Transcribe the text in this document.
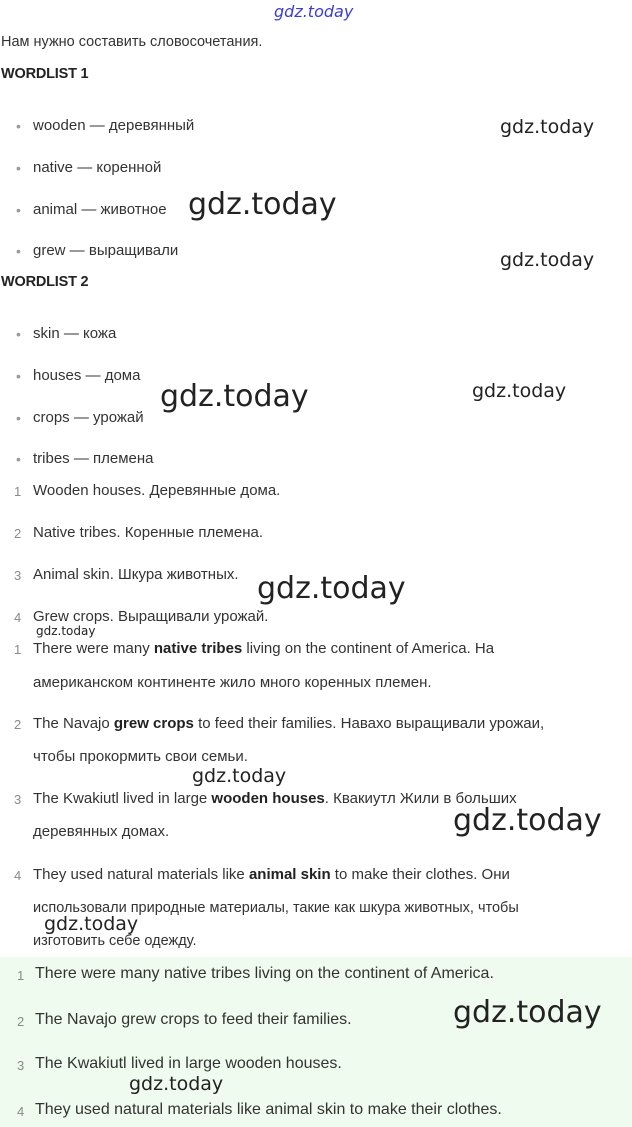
gdz.today
Нам нужно составить словосочетания.
WORDLIST 1
• wooden — деревянный
• native — коренной
• animal — животное
• grew — выращивали
WORDLIST 2
• skin — кожа
• houses — дома
• crops — урожай
• tribes — племена
1 Wooden houses. Деревянные дома.
2 Native tribes. Коренные племена.
3 Animal skin. Шкура животных.
4 Grew crops. Выращивали урожай.
1 There were many native tribes living on the continent of America. На
американском континенте жило много коренных племен.
2 The Navajo grew crops to feed their families. Навахо выращивали урожаи,
чтобы прокормить свои семьи.
3 The Kwakiutl lived in large wooden houses. Квакиутл Жили в больших
деревянных домах.
4 They used natural materials like animal skin to make their clothes. Они
использовали природные материалы, такие как шкура животных, чтобы
изготовить себе одежду.
1 There were many native tribes living on the continent of America.
2 The Navajo grew crops to feed their families.
3 The Kwakiutl lived in large wooden houses.
4 They used natural materials like animal skin to make their clothes.
gdz.today
gdz.today
gdz.today
gdz.today
gdz.today
gdz.today
gdz.today
gdz.today
gdz.today
gdz.today
gdz.today
gdz.today
